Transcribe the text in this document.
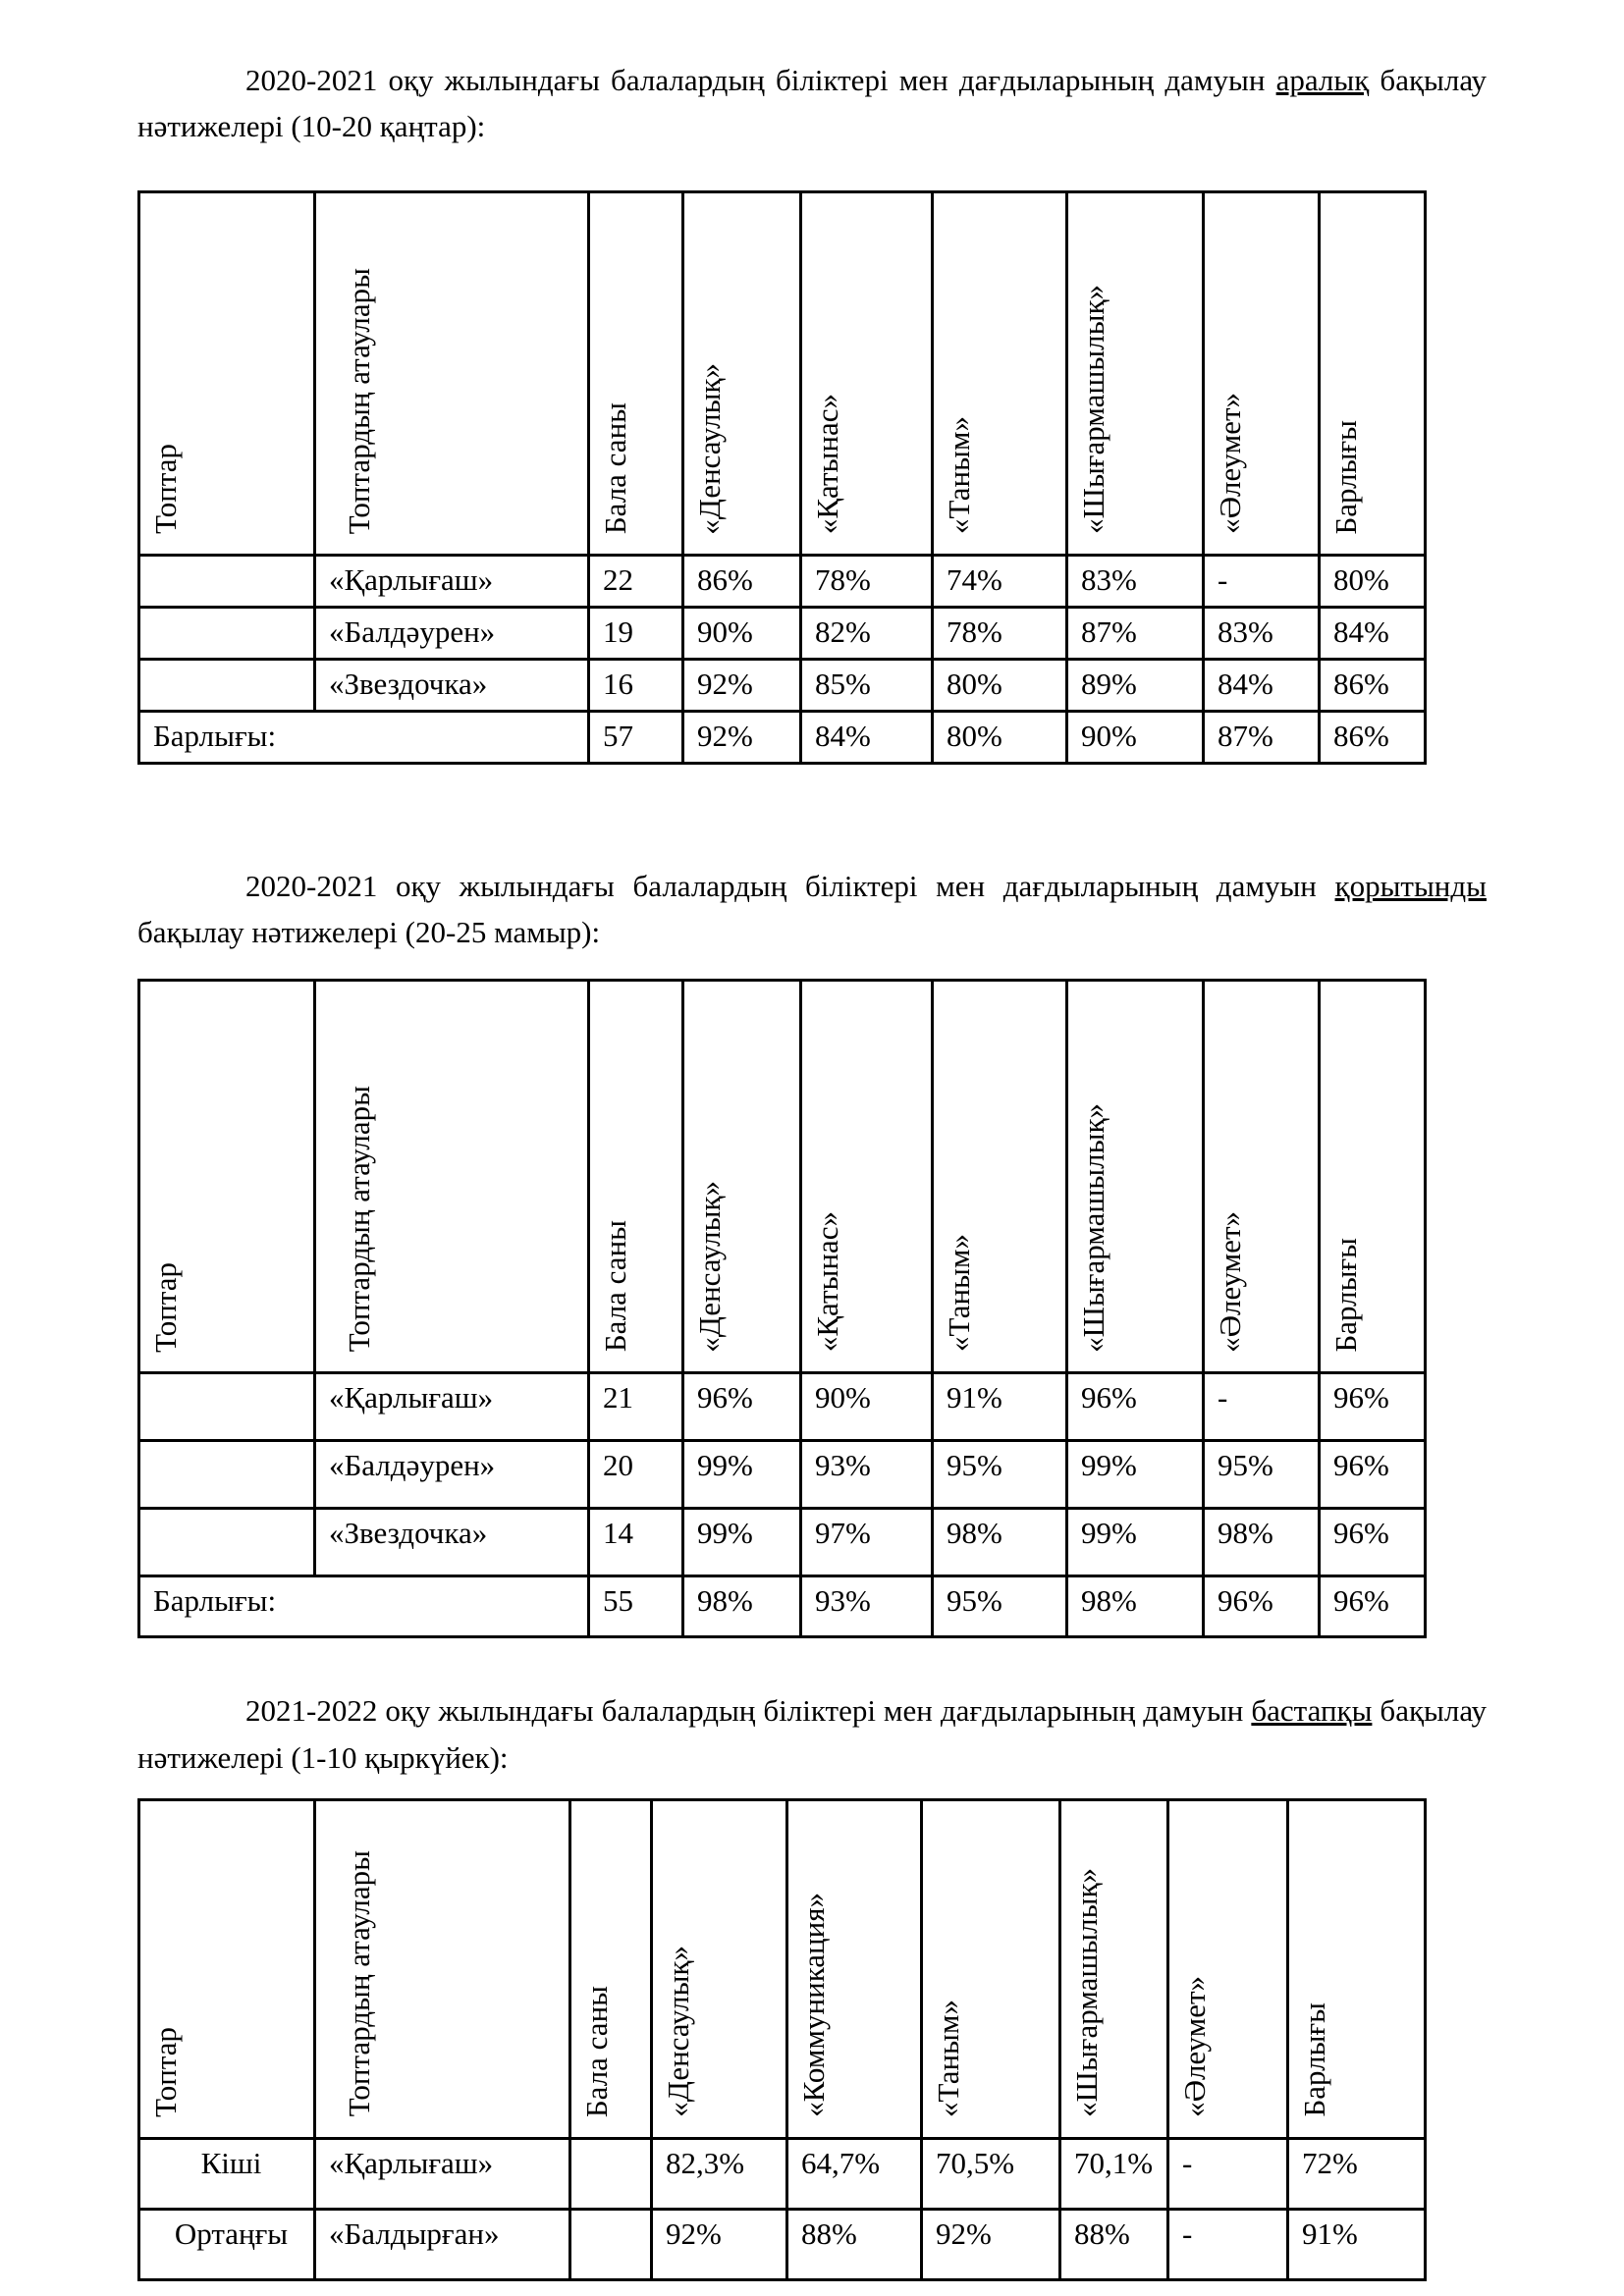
2020-2021 оқу жылындағы балалардың біліктері мен дағдыларының дамуын аралық бақылау нәтижелері (10-20 қаңтар):

Топтар	Топтардың атаулары	Бала саны	«Денсаулық»	«Қатынас»	«Таным»	«Шығармашылық»	«Әлеумет»	Барлығы
	«Қарлығаш»	22	86%	78%	74%	83%	-	80%
	«Балдәурен»	19	90%	82%	78%	87%	83%	84%
	«Звездочка»	16	92%	85%	80%	89%	84%	86%
Барлығы:		57	92%	84%	80%	90%	87%	86%

2020-2021 оқу жылындағы балалардың біліктері мен дағдыларының дамуын қорытынды бақылау нәтижелері (20-25 мамыр):

Топтар	Топтардың атаулары	Бала саны	«Денсаулық»	«Қатынас»	«Таным»	«Шығармашылық»	«Әлеумет»	Барлығы
	«Қарлығаш»	21	96%	90%	91%	96%	-	96%
	«Балдәурен»	20	99%	93%	95%	99%	95%	96%
	«Звездочка»	14	99%	97%	98%	99%	98%	96%
Барлығы:		55	98%	93%	95%	98%	96%	96%

2021-2022 оқу жылындағы балалардың біліктері мен дағдыларының дамуын бастапқы бақылау нәтижелері (1-10 қыркүйек):

Топтар	Топтардың атаулары	Бала саны	«Денсаулық»	«Коммуникация»	«Таным»	«Шығармашылық»	«Әлеумет»	Барлығы
Кіші	«Қарлығаш»		82,3%	64,7%	70,5%	70,1%	-	72%
Ортаңғы	«Балдырған»		92%	88%	92%	88%	-	91%
